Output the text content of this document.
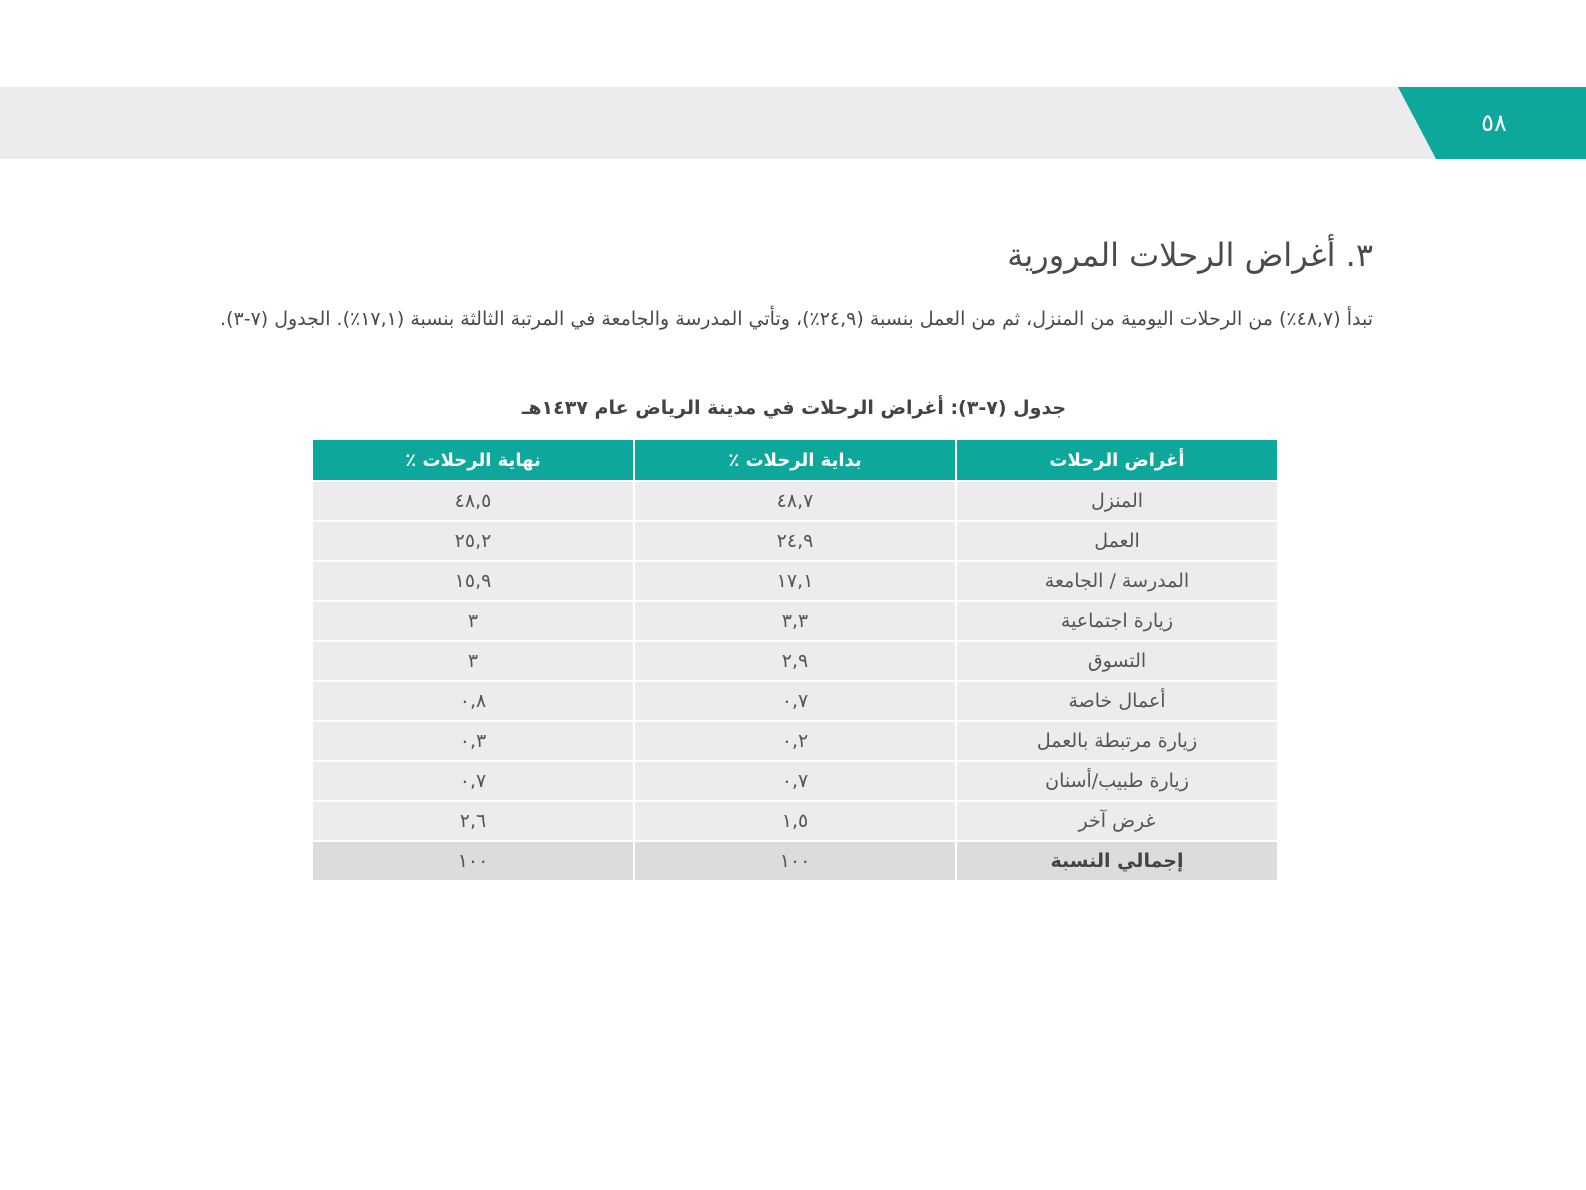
٥٨
٣. أغراض الرحلات المرورية

تبدأ (٤٨,٧٪) من الرحلات اليومية من المنزل، ثم من العمل بنسبة (٢٤,٩٪)، وتأتي المدرسة والجامعة في المرتبة الثالثة بنسبة (١٧,١٪). الجدول (٧-٣).

جدول (٧-٣): أغراض الرحلات في مدينة الرياض عام ١٤٣٧هـ
أغراض الرحلات	بداية الرحلات ٪	نهاية الرحلات ٪
المنزل	٤٨,٧	٤٨,٥
العمل	٢٤,٩	٢٥,٢
المدرسة / الجامعة	١٧,١	١٥,٩
زيارة اجتماعية	٣,٣	٣
التسوق	٢,٩	٣
أعمال خاصة	٠,٧	٠,٨
زيارة مرتبطة بالعمل	٠,٢	٠,٣
زيارة طبيب/أسنان	٠,٧	٠,٧
غرض آخر	١,٥	٢,٦
إجمالي النسبة	١٠٠	١٠٠
